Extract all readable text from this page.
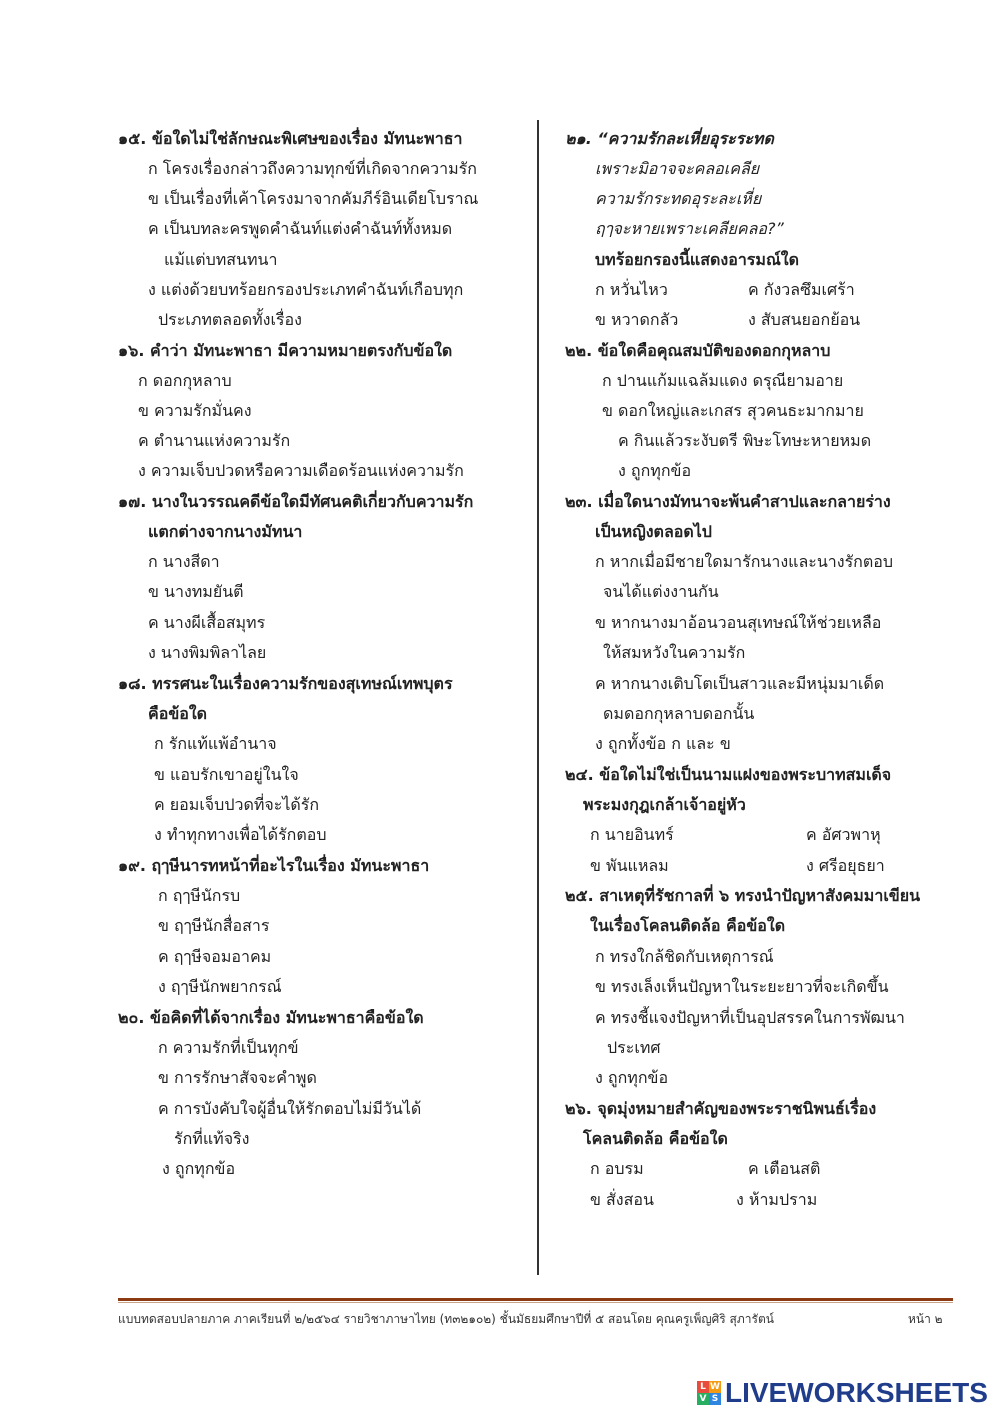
๑๕. ข้อใดไม่ใช่ลักษณะพิเศษของเรื่อง มัทนะพาธา
ก โครงเรื่องกล่าวถึงความทุกข์ที่เกิดจากความรัก
ข เป็นเรื่องที่เค้าโครงมาจากคัมภีร์อินเดียโบราณ
ค เป็นบทละครพูดคำฉันท์แต่งคำฉันท์ทั้งหมด
แม้แต่บทสนทนา
ง แต่งด้วยบทร้อยกรองประเภทคำฉันท์เกือบทุก
ประเภทตลอดทั้งเรื่อง
๑๖. คำว่า มัทนะพาธา มีความหมายตรงกับข้อใด
ก ดอกกุหลาบ
ข ความรักมั่นคง
ค ตำนานแห่งความรัก
ง ความเจ็บปวดหรือความเดือดร้อนแห่งความรัก
๑๗. นางในวรรณคดีข้อใดมีทัศนคติเกี่ยวกับความรัก
แตกต่างจากนางมัทนา
ก นางสีดา
ข นางทมยันตี
ค นางผีเสื้อสมุทร
ง นางพิมพิลาไลย
๑๘. ทรรศนะในเรื่องความรักของสุเทษณ์เทพบุตร
คือข้อใด
ก รักแท้แพ้อำนาจ
ข แอบรักเขาอยู่ในใจ
ค ยอมเจ็บปวดที่จะได้รัก
ง ทำทุกทางเพื่อได้รักตอบ
๑๙. ฤๅษีนารทหน้าที่อะไรในเรื่อง มัทนะพาธา
ก ฤๅษีนักรบ
ข ฤๅษีนักสื่อสาร
ค ฤๅษีจอมอาคม
ง ฤๅษีนักพยากรณ์
๒๐. ข้อคิดที่ได้จากเรื่อง มัทนะพาธาคือข้อใด
ก ความรักที่เป็นทุกข์
ข การรักษาสัจจะคำพูด
ค การบังคับใจผู้อื่นให้รักตอบไม่มีวันได้
รักที่แท้จริง
ง ถูกทุกข้อ
๒๑. “ความรักละเหี่ยอุระระทด
เพราะมิอาจจะคลอเคลีย
ความรักระทดอุระละเหี่ย
ฤๅจะหายเพราะเคลียคลอ?”
บทร้อยกรองนี้แสดงอารมณ์ใด
ก หวั่นไหว	ค กังวลซึมเศร้า
ข หวาดกลัว	ง สับสนยอกย้อน
๒๒. ข้อใดคือคุณสมบัติของดอกกุหลาบ
ก ปานแก้มแฉล้มแดง ดรุณียามอาย
ข ดอกใหญ่และเกสร สุวคนธะมากมาย
ค กินแล้วระงับตรี พิษะโทษะหายหมด
ง ถูกทุกข้อ
๒๓. เมื่อใดนางมัทนาจะพ้นคำสาปและกลายร่าง
เป็นหญิงตลอดไป
ก หากเมื่อมีชายใดมารักนางและนางรักตอบ
จนได้แต่งงานกัน
ข หากนางมาอ้อนวอนสุเทษณ์ให้ช่วยเหลือ
ให้สมหวังในความรัก
ค หากนางเติบโตเป็นสาวและมีหนุ่มมาเด็ด
ดมดอกกุหลาบดอกนั้น
ง ถูกทั้งข้อ ก และ ข
๒๔. ข้อใดไม่ใช่เป็นนามแฝงของพระบาทสมเด็จ
พระมงกุฎเกล้าเจ้าอยู่หัว
ก นายอินทร์	ค อัศวพาหุ
ข พันแหลม	ง ศรีอยุธยา
๒๕. สาเหตุที่รัชกาลที่ ๖ ทรงนำปัญหาสังคมมาเขียน
ในเรื่องโคลนติดล้อ คือข้อใด
ก ทรงใกล้ชิดกับเหตุการณ์
ข ทรงเล็งเห็นปัญหาในระยะยาวที่จะเกิดขึ้น
ค ทรงชี้แจงปัญหาที่เป็นอุปสรรคในการพัฒนา
ประเทศ
ง ถูกทุกข้อ
๒๖. จุดมุ่งหมายสำคัญของพระราชนิพนธ์เรื่อง
โคลนติดล้อ คือข้อใด
ก อบรม	ค เตือนสติ
ข สั่งสอน	ง ห้ามปราม
แบบทดสอบปลายภาค ภาคเรียนที่ ๒/๒๕๖๔ รายวิชาภาษาไทย (ท๓๒๑๐๒) ชั้นมัธยมศึกษาปีที่ ๕ สอนโดย คุณครูเพ็ญศิริ สุภารัตน์	หน้า ๒
L W
V S LIVEWORKSHEETS
